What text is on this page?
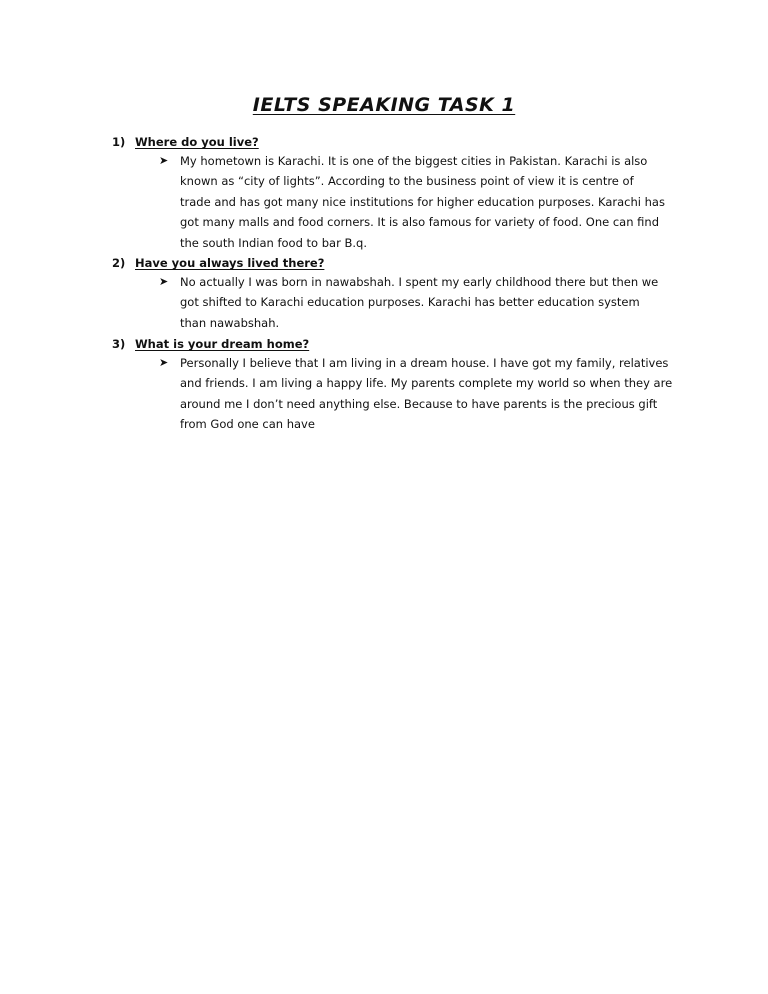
IELTS SPEAKING TASK 1
1) Where do you live?
➤ My hometown is Karachi. It is one of the biggest cities in Pakistan. Karachi is also
known as “city of lights”. According to the business point of view it is centre of
trade and has got many nice institutions for higher education purposes. Karachi has
got many malls and food corners. It is also famous for variety of food. One can find
the south Indian food to bar B.q.
2) Have you always lived there?
➤ No actually I was born in nawabshah. I spent my early childhood there but then we
got shifted to Karachi education purposes. Karachi has better education system
than nawabshah.
3) What is your dream home?
➤ Personally I believe that I am living in a dream house. I have got my family, relatives
and friends. I am living a happy life. My parents complete my world so when they are
around me I don’t need anything else. Because to have parents is the precious gift
from God one can have
